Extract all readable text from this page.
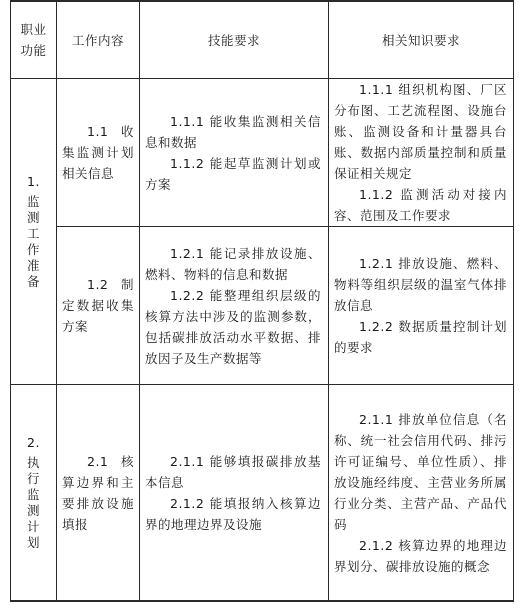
职业
功能
工作内容	技能要求	相关知识要求
1.
监
测
工
作
准
备

1.1 收集监测计划相关信息

1.1.1 能收集监测相关信息和数据

1.1.2 能起草监测计划或方案

1.1.1 组织机构图、厂区分布图、工艺流程图、设施台账、监测设备和计量器具台账、数据内部质量控制和质量保证相关规定

1.1.2 监测活动对接内容、范围及工作要求

1.2 制定数据收集方案

1.2.1 能记录排放设施、燃料、物料的信息和数据

1.2.2 能整理组织层级的核算方法中涉及的监测参数，包括碳排放活动水平数据、排放因子及生产数据等

1.2.1 排放设施、燃料、物料等组织层级的温室气体排放信息

1.2.2 数据质量控制计划的要求

2.
执
行
监
测
计
划

2.1 核算边界和主要排放设施填报

2.1.1 能够填报碳排放基本信息

2.1.2 能填报纳入核算边界的地理边界及设施

2.1.1 排放单位信息（名称、统一社会信用代码、排污许可证编号、单位性质）、排放设施经纬度、主营业务所属行业分类、主营产品、产品代码

2.1.2 核算边界的地理边界划分、碳排放设施的概念
